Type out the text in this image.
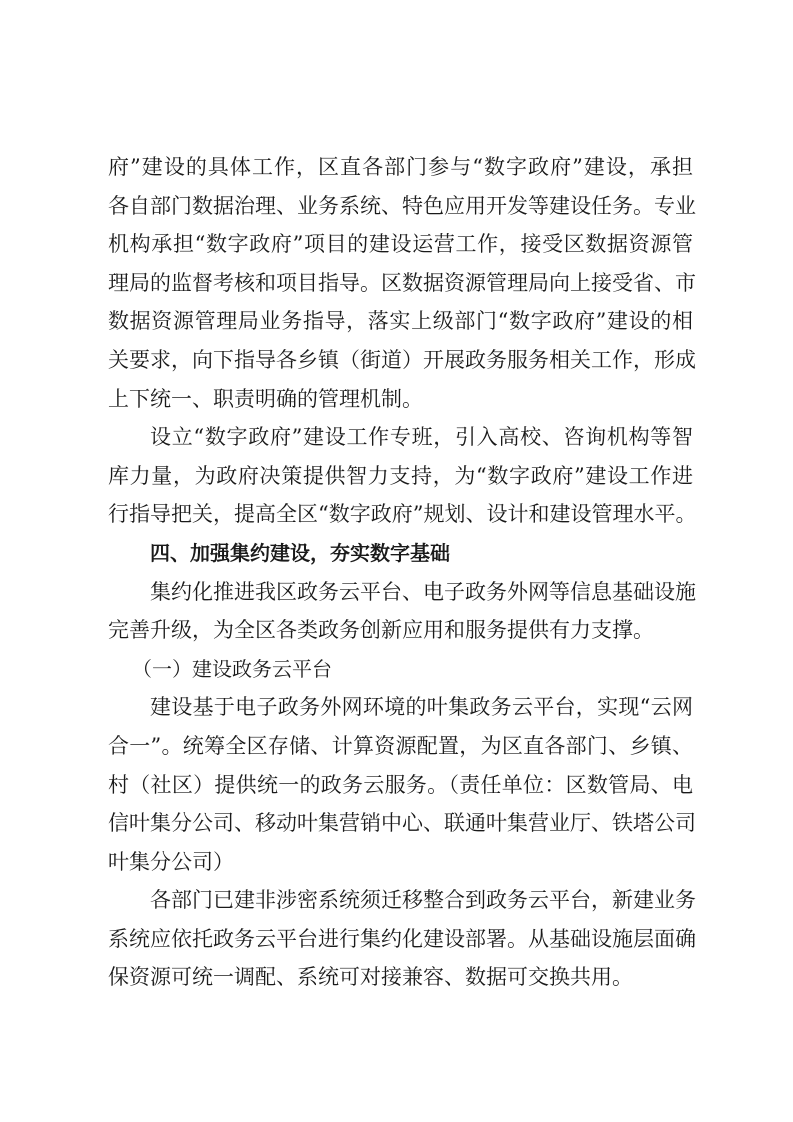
府”建设的具体工作，区直各部门参与“数字政府”建设，承担
各自部门数据治理、业务系统、特色应用开发等建设任务。专业
机构承担“数字政府”项目的建设运营工作，接受区数据资源管
理局的监督考核和项目指导。区数据资源管理局向上接受省、市
数据资源管理局业务指导，落实上级部门“数字政府”建设的相
关要求，向下指导各乡镇（街道）开展政务服务相关工作，形成
上下统一、职责明确的管理机制。
设立“数字政府”建设工作专班，引入高校、咨询机构等智
库力量，为政府决策提供智力支持，为“数字政府”建设工作进
行指导把关，提高全区“数字政府”规划、设计和建设管理水平。
四、加强集约建设，夯实数字基础
集约化推进我区政务云平台、电子政务外网等信息基础设施
完善升级，为全区各类政务创新应用和服务提供有力支撑。
（一）建设政务云平台
建设基于电子政务外网环境的叶集政务云平台，实现“云网
合一”。统筹全区存储、计算资源配置，为区直各部门、乡镇、
村（社区）提供统一的政务云服务。（责任单位：区数管局、电
信叶集分公司、移动叶集营销中心、联通叶集营业厅、铁塔公司
叶集分公司）
各部门已建非涉密系统须迁移整合到政务云平台，新建业务
系统应依托政务云平台进行集约化建设部署。从基础设施层面确
保资源可统一调配、系统可对接兼容、数据可交换共用。
